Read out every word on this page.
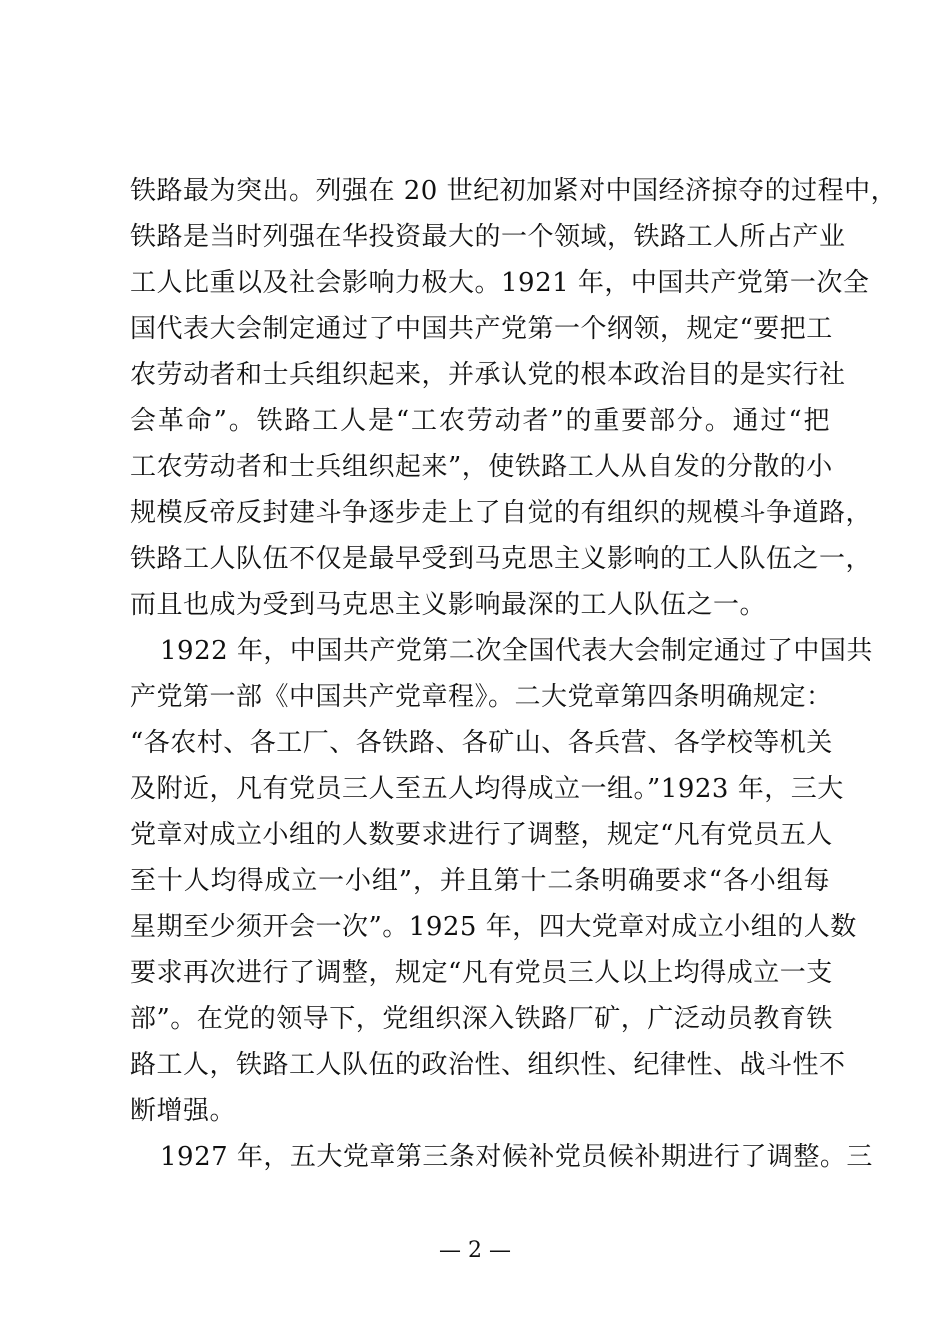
铁路最为突出。列强在 20 世纪初加紧对中国经济掠夺的过程中，
铁路是当时列强在华投资最大的一个领域，铁路工人所占产业
工人比重以及社会影响力极大。1921 年，中国共产党第一次全
国代表大会制定通过了中国共产党第一个纲领，规定“要把工
农劳动者和士兵组织起来，并承认党的根本政治目的是实行社
会革命”。铁路工人是“工农劳动者”的重要部分。通过“把
工农劳动者和士兵组织起来”，使铁路工人从自发的分散的小
规模反帝反封建斗争逐步走上了自觉的有组织的规模斗争道路，
铁路工人队伍不仅是最早受到马克思主义影响的工人队伍之一，
而且也成为受到马克思主义影响最深的工人队伍之一。
1922 年，中国共产党第二次全国代表大会制定通过了中国共
产党第一部《中国共产党章程》。二大党章第四条明确规定：
“各农村、各工厂、各铁路、各矿山、各兵营、各学校等机关
及附近，凡有党员三人至五人均得成立一组。”1923 年，三大
党章对成立小组的人数要求进行了调整，规定“凡有党员五人
至十人均得成立一小组”，并且第十二条明确要求“各小组每
星期至少须开会一次”。1925 年，四大党章对成立小组的人数
要求再次进行了调整，规定“凡有党员三人以上均得成立一支
部”。在党的领导下，党组织深入铁路厂矿，广泛动员教育铁
路工人，铁路工人队伍的政治性、组织性、纪律性、战斗性不
断增强。
1927 年，五大党章第三条对候补党员候补期进行了调整。三
— 2 —
